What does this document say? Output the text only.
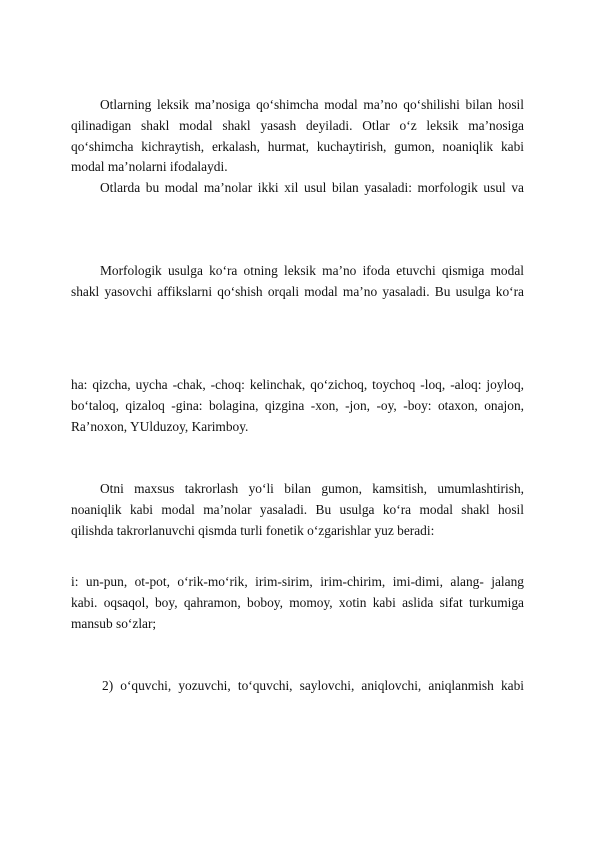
Otlarning leksik ma’nosiga qo‘shimcha modal ma’no qo‘shilishi bilan hosil
qilinadigan shakl modal shakl yasash deyiladi. Otlar o‘z leksik ma’nosiga
qo‘shimcha kichraytish, erkalash, hurmat, kuchaytirish, gumon, noaniqlik kabi
modal ma’nolarni ifodalaydi.
Otlarda bu modal ma’nolar ikki xil usul bilan yasaladi: morfologik usul va
Morfologik usulga ko‘ra otning leksik ma’no ifoda etuvchi qismiga modal
shakl yasovchi affikslarni qo‘shish orqali modal ma’no yasaladi. Bu usulga ko‘ra
ha: qizcha, uycha -chak, -choq: kelinchak, qo‘zichoq, toychoq -loq, -aloq: joyloq,
bo‘taloq, qizaloq -gina: bolagina, qizgina -xon, -jon, -oy, -boy: otaxon, onajon,
Ra’noxon, YUlduzoy, Karimboy.
Otni maxsus takrorlash yo‘li bilan gumon, kamsitish, umumlashtirish,
noaniqlik kabi modal ma’nolar yasaladi. Bu usulga ko‘ra modal shakl hosil
qilishda takrorlanuvchi qismda turli fonetik o‘zgarishlar yuz beradi:
i: un-pun, ot-pot, o‘rik-mo‘rik, irim-sirim, irim-chirim, imi-dimi, alang- jalang
kabi. oqsaqol, boy, qahramon, boboy, momoy, xotin kabi aslida sifat turkumiga
mansub so‘zlar;
2) o‘quvchi, yozuvchi, to‘quvchi, saylovchi, aniqlovchi, aniqlanmish kabi
